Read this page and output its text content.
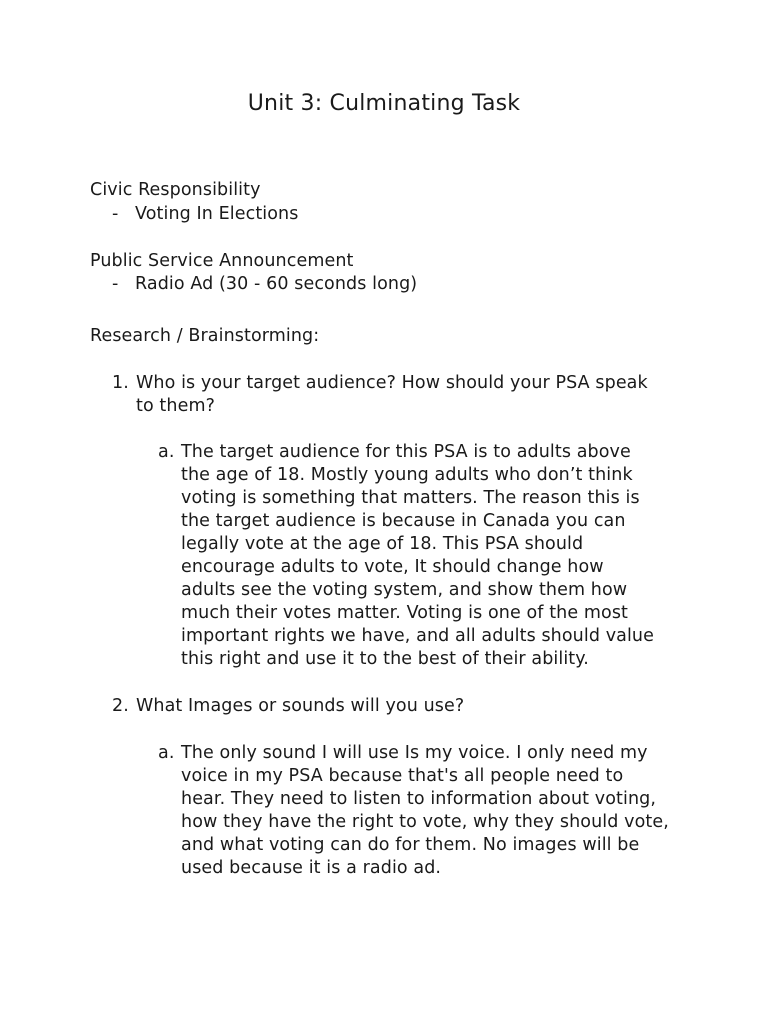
Unit 3: Culminating Task
Civic Responsibility
- Voting In Elections
Public Service Announcement
- Radio Ad (30 - 60 seconds long)
Research / Brainstorming:
1. Who is your target audience? How should your PSA speak
to them?
a. The target audience for this PSA is to adults above
the age of 18. Mostly young adults who don’t think
voting is something that matters. The reason this is
the target audience is because in Canada you can
legally vote at the age of 18. This PSA should
encourage adults to vote, It should change how
adults see the voting system, and show them how
much their votes matter. Voting is one of the most
important rights we have, and all adults should value
this right and use it to the best of their ability.
2. What Images or sounds will you use?
a. The only sound I will use Is my voice. I only need my
voice in my PSA because that's all people need to
hear. They need to listen to information about voting,
how they have the right to vote, why they should vote,
and what voting can do for them. No images will be
used because it is a radio ad.
